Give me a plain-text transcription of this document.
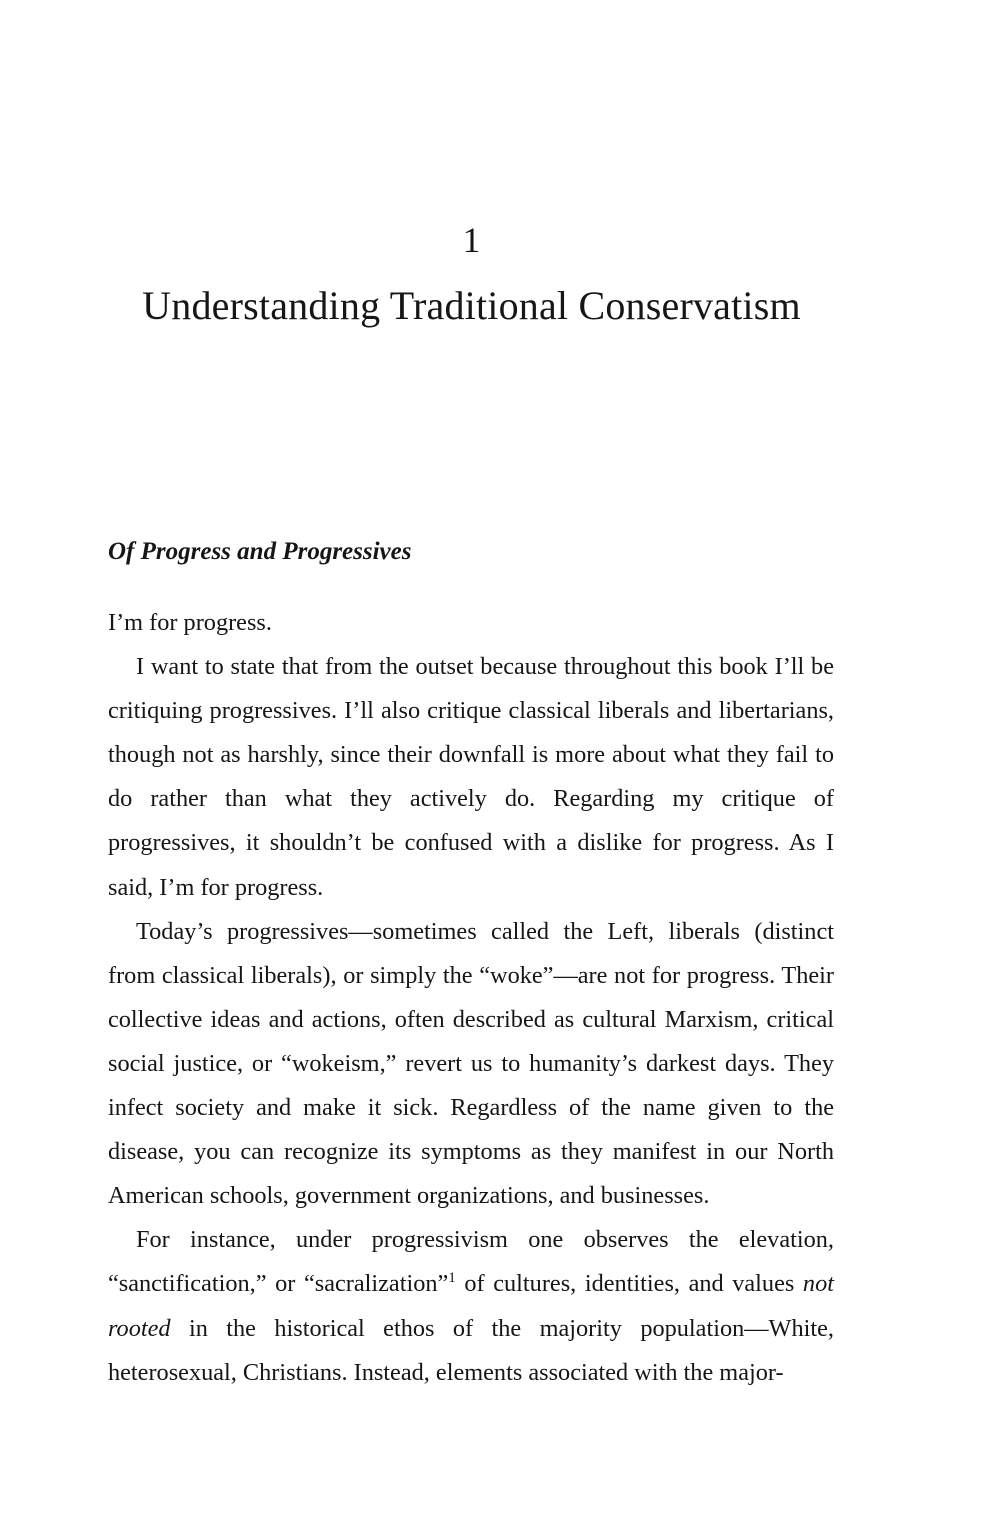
1
Understanding Traditional Conservatism
Of Progress and Progressives

I’m for progress.

I want to state that from the outset because throughout this book I’ll be critiquing progressives. I’ll also critique classical liberals and libertarians, though not as harshly, since their downfall is more about what they fail to do rather than what they actively do. Regarding my critique of progressives, it shouldn’t be confused with a dislike for progress. As I said, I’m for progress.

Today’s progressives—sometimes called the Left, liberals (distinct from classical liberals), or simply the “woke”—are not for progress. Their collective ideas and actions, often described as cultural Marxism, critical social justice, or “wokeism,” revert us to humanity’s darkest days. They infect society and make it sick. Regardless of the name given to the disease, you can recognize its symptoms as they manifest in our North American schools, government organizations, and businesses.

For instance, under progressivism one observes the elevation, “sanctification,” or “sacralization”$^1$ of cultures, identities, and values not rooted in the historical ethos of the majority population—White, heterosexual, Christians. Instead, elements associated with the major-
